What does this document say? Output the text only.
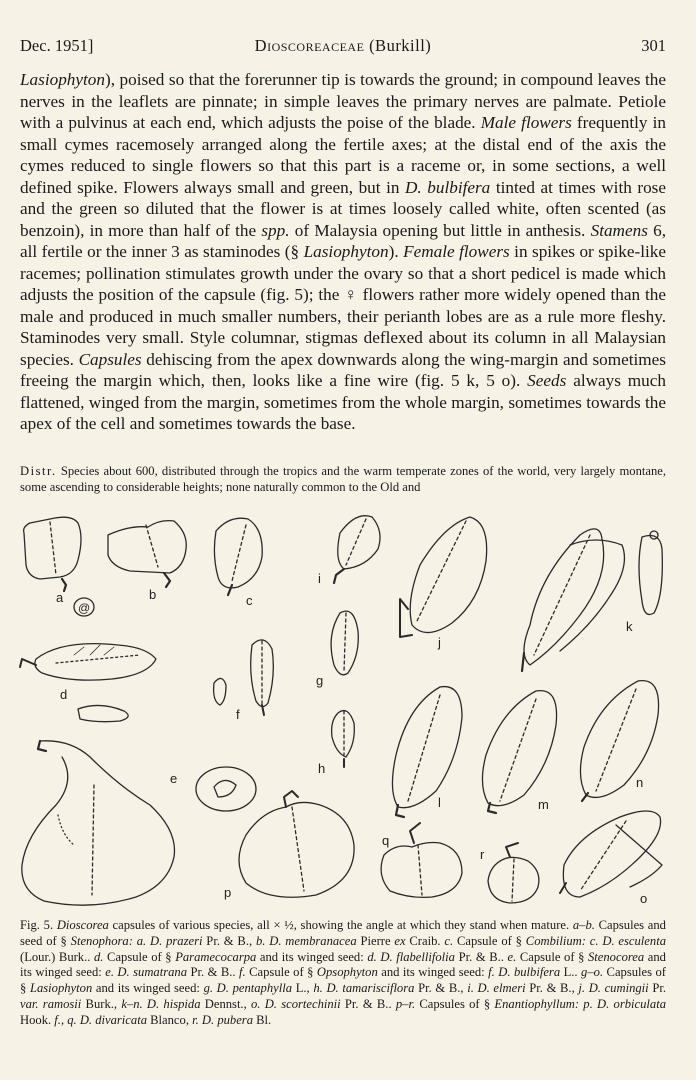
Dec. 1951]	Dioscoreaceae (Burkill)	301

Lasiophyton), poised so that the forerunner tip is towards the ground; in compound leaves the nerves in the leaflets are pinnate; in simple leaves the primary nerves are palmate. Petiole with a pulvinus at each end, which adjusts the poise of the blade. Male flowers frequently in small cymes racemosely arranged along the fertile axes; at the distal end of the axis the cymes reduced to single flowers so that this part is a raceme or, in some sections, a well defined spike. Flowers always small and green, but in D. bulbifera tinted at times with rose and the green so diluted that the flower is at times loosely called white, often scented (as benzoin), in more than half of the spp. of Malaysia opening but little in anthesis. Stamens 6, all fertile or the inner 3 as staminodes (§ Lasiophyton). Female flowers in spikes or spike-like racemes; pollination stimulates growth under the ovary so that a short pedicel is made which adjusts the position of the capsule (fig. 5); the ♀ flowers rather more widely opened than the male and produced in much smaller numbers, their perianth lobes are as a rule more fleshy. Staminodes very small. Style columnar, stigmas deflexed about its column in all Malaysian species. Capsules dehiscing from the apex downwards along the wing-margin and sometimes freeing the margin which, then, looks like a fine wire (fig. 5 k, 5 o). Seeds always much flattened, winged from the margin, sometimes from the whole margin, sometimes towards the apex of the cell and sometimes towards the base.

Distr. Species about 600, distributed through the tropics and the warm temperate zones of the world, very largely montane, some ascending to considerable heights; none naturally common to the Old and
a	b	c
d
e
f
g
h
i
j
k
l	m
n
o
p
q
r
@

Fig. 5. Dioscorea capsules of various species, all × ½, showing the angle at which they stand when mature. a–b. Capsules and seed of § Stenophora: a. D. prazeri Pr. & B., b. D. membranacea Pierre ex Craib. c. Capsule of § Combilium: c. D. esculenta (Lour.) Burk.. d. Capsule of § Paramecocarpa and its winged seed: d. D. flabellifolia Pr. & B.. e. Capsule of § Stenocorea and its winged seed: e. D. sumatrana Pr. & B.. f. Capsule of § Opsophyton and its winged seed: f. D. bulbifera L.. g–o. Capsules of § Lasiophyton and its winged seed: g. D. pentaphylla L., h. D. tamarisciflora Pr. & B., i. D. elmeri Pr. & B., j. D. cumingii Pr. var. ramosii Burk., k–n. D. hispida Dennst., o. D. scortechinii Pr. & B.. p–r. Capsules of § Enantiophyllum: p. D. orbiculata Hook. f., q. D. divaricata Blanco, r. D. pubera Bl.
